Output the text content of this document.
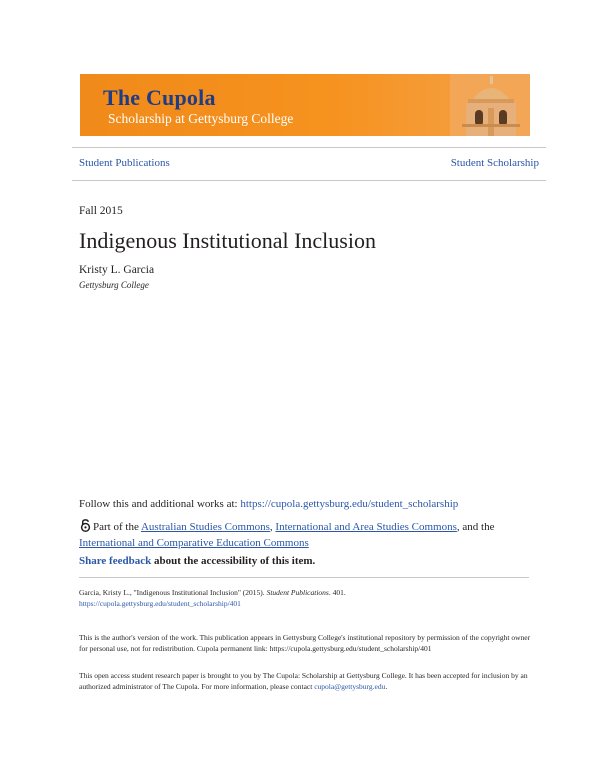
The Cupola
Scholarship at Gettysburg College
Student Publications	Student Scholarship
Fall 2015
Indigenous Institutional Inclusion
Kristy L. Garcia
Gettysburg College
Follow this and additional works at: https://cupola.gettysburg.edu/student_scholarship
Part of the Australian Studies Commons, International and Area Studies Commons, and the International and Comparative Education Commons
Share feedback about the accessibility of this item.
Garcia, Kristy L., "Indigenous Institutional Inclusion" (2015). Student Publications. 401.
https://cupola.gettysburg.edu/student_scholarship/401
This is the author's version of the work. This publication appears in Gettysburg College's institutional repository by permission of the copyright owner for personal use, not for redistribution. Cupola permanent link: https://cupola.gettysburg.edu/student_scholarship/401
This open access student research paper is brought to you by The Cupola: Scholarship at Gettysburg College. It has been accepted for inclusion by an authorized administrator of The Cupola. For more information, please contact cupola@gettysburg.edu.
